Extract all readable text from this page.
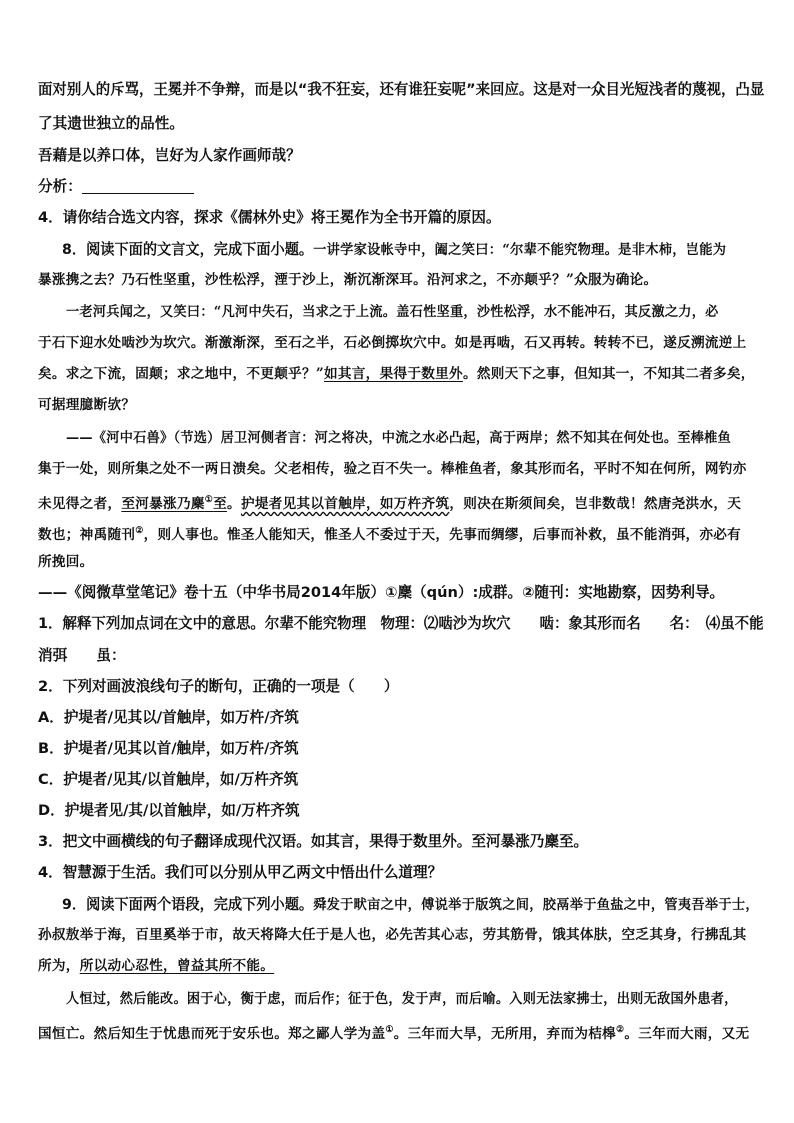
面对别人的斥骂，王冕并不争辩，而是以“我不狂妄，还有谁狂妄呢”来回应。这是对一众目光短浅者的蔑视，凸显
了其遗世独立的品性。
吾藉是以养口体，岂好为人家作画师哉？
分析：
4．请你结合选文内容，探求《儒林外史》将王冕作为全书开篇的原因。
8．阅读下面的文言文，完成下面小题。一讲学家设帐寺中，阖之笑曰：“尔辈不能究物理。是非木柿，岂能为
暴涨携之去？乃石性坚重，沙性松浮，湮于沙上，渐沉渐深耳。沿河求之，不亦颠乎？”众服为确论。
一老河兵闻之，又笑曰：“凡河中失石，当求之于上流。盖石性坚重，沙性松浮，水不能冲石，其反激之力，必
于石下迎水处啮沙为坎穴。渐激渐深，至石之半，石必倒掷坎穴中。如是再啮，石又再转。转转不已，遂反溯流逆上
矣。求之下流，固颠；求之地中，不更颠乎？”如其言，果得于数里外。然则天下之事，但知其一，不知其二者多矣，
可据理臆断欤？
——《河中石兽》（节选）居卫河侧者言：河之将决，中流之水必凸起，高于两岸；然不知其在何处也。至棒椎鱼
集于一处，则所集之处不一两日溃矣。父老相传，验之百不失一。棒椎鱼者，象其形而名，平时不知在何所，网钓亦
未见得之者，至河暴涨乃麇①至。护堤者见其以首触岸，如万杵齐筑，则决在斯须间矣，岂非数哉！然唐尧洪水，天
数也；神禹随刊②，则人事也。惟圣人能知天，惟圣人不委过于天，先事而绸缪，后事而补救，虽不能消弭，亦必有
所挽回。
——《阅微草堂笔记》卷十五（中华书局2014年版）①麇（qún）:成群。②随刊：实地勘察，因势利导。
1．解释下列加点词在文中的意思。尔辈不能究物理　物理：⑵啮沙为坎穴　　啮：象其形而名　　名：　⑷虽不能
消弭　　虽：
2．下列对画波浪线句子的断句，正确的一项是（　　）
A．护堤者/见其以/首触岸，如万杵/齐筑
B．护堤者/见其以首/触岸，如万杵/齐筑
C．护堤者/见其/以首触岸，如/万杵齐筑
D．护堤者见/其/以首触岸，如/万杵齐筑
3．把文中画横线的句子翻译成现代汉语。如其言，果得于数里外。至河暴涨乃麇至。
4．智慧源于生活。我们可以分别从甲乙两文中悟出什么道理？
9．阅读下面两个语段，完成下列小题。舜发于畎亩之中，傅说举于版筑之间，胶鬲举于鱼盐之中，管夷吾举于士，
孙叔敖举于海，百里奚举于市，故天将降大任于是人也，必先苦其心志，劳其筋骨，饿其体肤，空乏其身，行拂乱其
所为，所以动心忍性，曾益其所不能。
人恒过，然后能改。困于心，衡于虑，而后作；征于色，发于声，而后喻。入则无法家拂士，出则无敌国外患者，
国恒亡。然后知生于忧患而死于安乐也。郑之鄙人学为盖①。三年而大旱，无所用，弃而为桔槔②。三年而大雨，又无
